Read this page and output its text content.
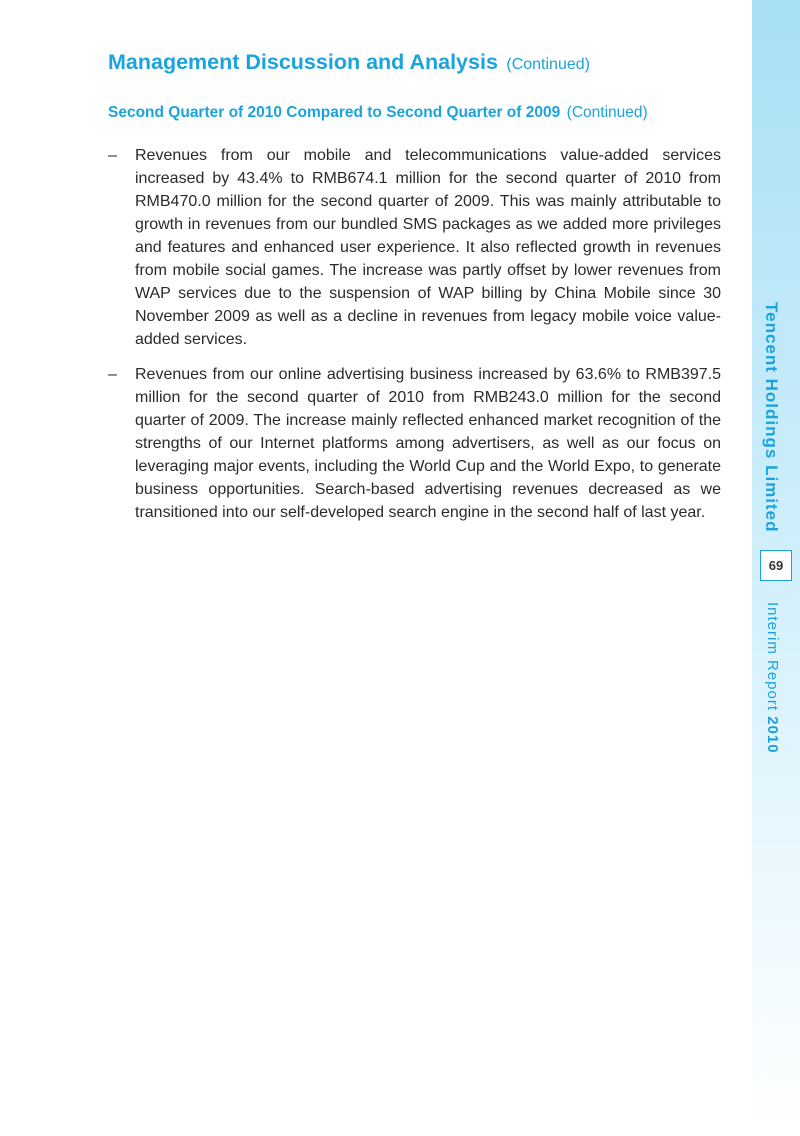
Management Discussion and Analysis (Continued)
Second Quarter of 2010 Compared to Second Quarter of 2009 (Continued)
– Revenues from our mobile and telecommunications value-added services increased by 43.4% to RMB674.1 million for the second quarter of 2010 from RMB470.0 million for the second quarter of 2009. This was mainly attributable to growth in revenues from our bundled SMS packages as we added more privileges and features and enhanced user experience. It also reflected growth in revenues from mobile social games. The increase was partly offset by lower revenues from WAP services due to the suspension of WAP billing by China Mobile since 30 November 2009 as well as a decline in revenues from legacy mobile voice value-added services.
– Revenues from our online advertising business increased by 63.6% to RMB397.5 million for the second quarter of 2010 from RMB243.0 million for the second quarter of 2009. The increase mainly reflected enhanced market recognition of the strengths of our Internet platforms among advertisers, as well as our focus on leveraging major events, including the World Cup and the World Expo, to generate business opportunities. Search-based advertising revenues decreased as we transitioned into our self-developed search engine in the second half of last year.	Tencent Holdings Limited
69
Interim Report 2010
